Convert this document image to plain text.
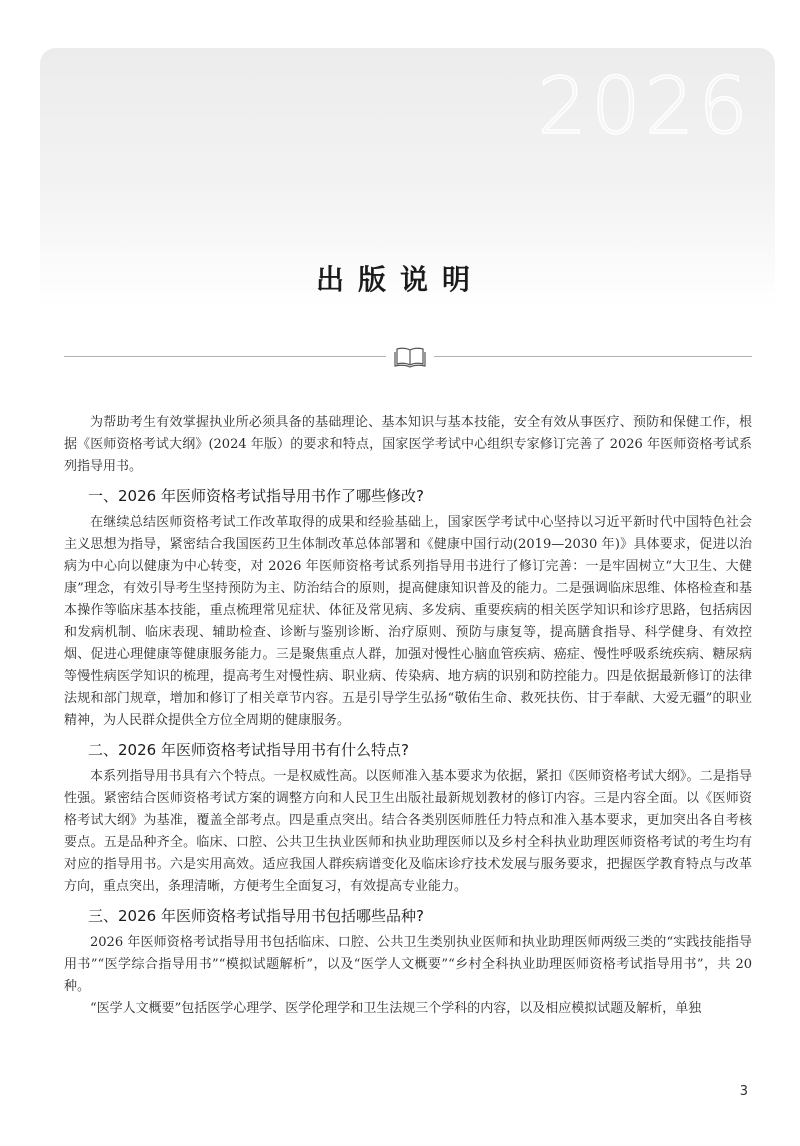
2026
出版说明

为帮助考生有效掌握执业所必须具备的基础理论、基本知识与基本技能，安全有效从事医疗、预防和保健工作，根据《医师资格考试大纲》(2024 年版）的要求和特点，国家医学考试中心组织专家修订完善了 2026 年医师资格考试系列指导用书。

一、2026 年医师资格考试指导用书作了哪些修改?

在继续总结医师资格考试工作改革取得的成果和经验基础上，国家医学考试中心坚持以习近平新时代中国特色社会主义思想为指导，紧密结合我国医药卫生体制改革总体部署和《健康中国行动(2019—2030 年)》具体要求，促进以治病为中心向以健康为中心转变，对 2026 年医师资格考试系列指导用书进行了修订完善：一是牢固树立“大卫生、大健康”理念，有效引导考生坚持预防为主、防治结合的原则，提高健康知识普及的能力。二是强调临床思维、体格检查和基本操作等临床基本技能，重点梳理常见症状、体征及常见病、多发病、重要疾病的相关医学知识和诊疗思路，包括病因和发病机制、临床表现、辅助检查、诊断与鉴别诊断、治疗原则、预防与康复等，提高膳食指导、科学健身、有效控烟、促进心理健康等健康服务能力。三是聚焦重点人群，加强对慢性心脑血管疾病、癌症、慢性呼吸系统疾病、糖尿病等慢性病医学知识的梳理，提高考生对慢性病、职业病、传染病、地方病的识别和防控能力。四是依据最新修订的法律法规和部门规章，增加和修订了相关章节内容。五是引导学生弘扬“敬佑生命、救死扶伤、甘于奉献、大爱无疆”的职业精神，为人民群众提供全方位全周期的健康服务。

二、2026 年医师资格考试指导用书有什么特点?

本系列指导用书具有六个特点。一是权威性高。以医师准入基本要求为依据，紧扣《医师资格考试大纲》。二是指导性强。紧密结合医师资格考试方案的调整方向和人民卫生出版社最新规划教材的修订内容。三是内容全面。以《医师资格考试大纲》为基准，覆盖全部考点。四是重点突出。结合各类别医师胜任力特点和准入基本要求，更加突出各自考核要点。五是品种齐全。临床、口腔、公共卫生执业医师和执业助理医师以及乡村全科执业助理医师资格考试的考生均有对应的指导用书。六是实用高效。适应我国人群疾病谱变化及临床诊疗技术发展与服务要求，把握医学教育特点与改革方向，重点突出，条理清晰，方便考生全面复习，有效提高专业能力。

三、2026 年医师资格考试指导用书包括哪些品种?

2026 年医师资格考试指导用书包括临床、口腔、公共卫生类别执业医师和执业助理医师两级三类的“实践技能指导用书”“医学综合指导用书”“模拟试题解析”，以及“医学人文概要”“乡村全科执业助理医师资格考试指导用书”，共 20 种。

“医学人文概要”包括医学心理学、医学伦理学和卫生法规三个学科的内容，以及相应模拟试题及解析，单独

3
